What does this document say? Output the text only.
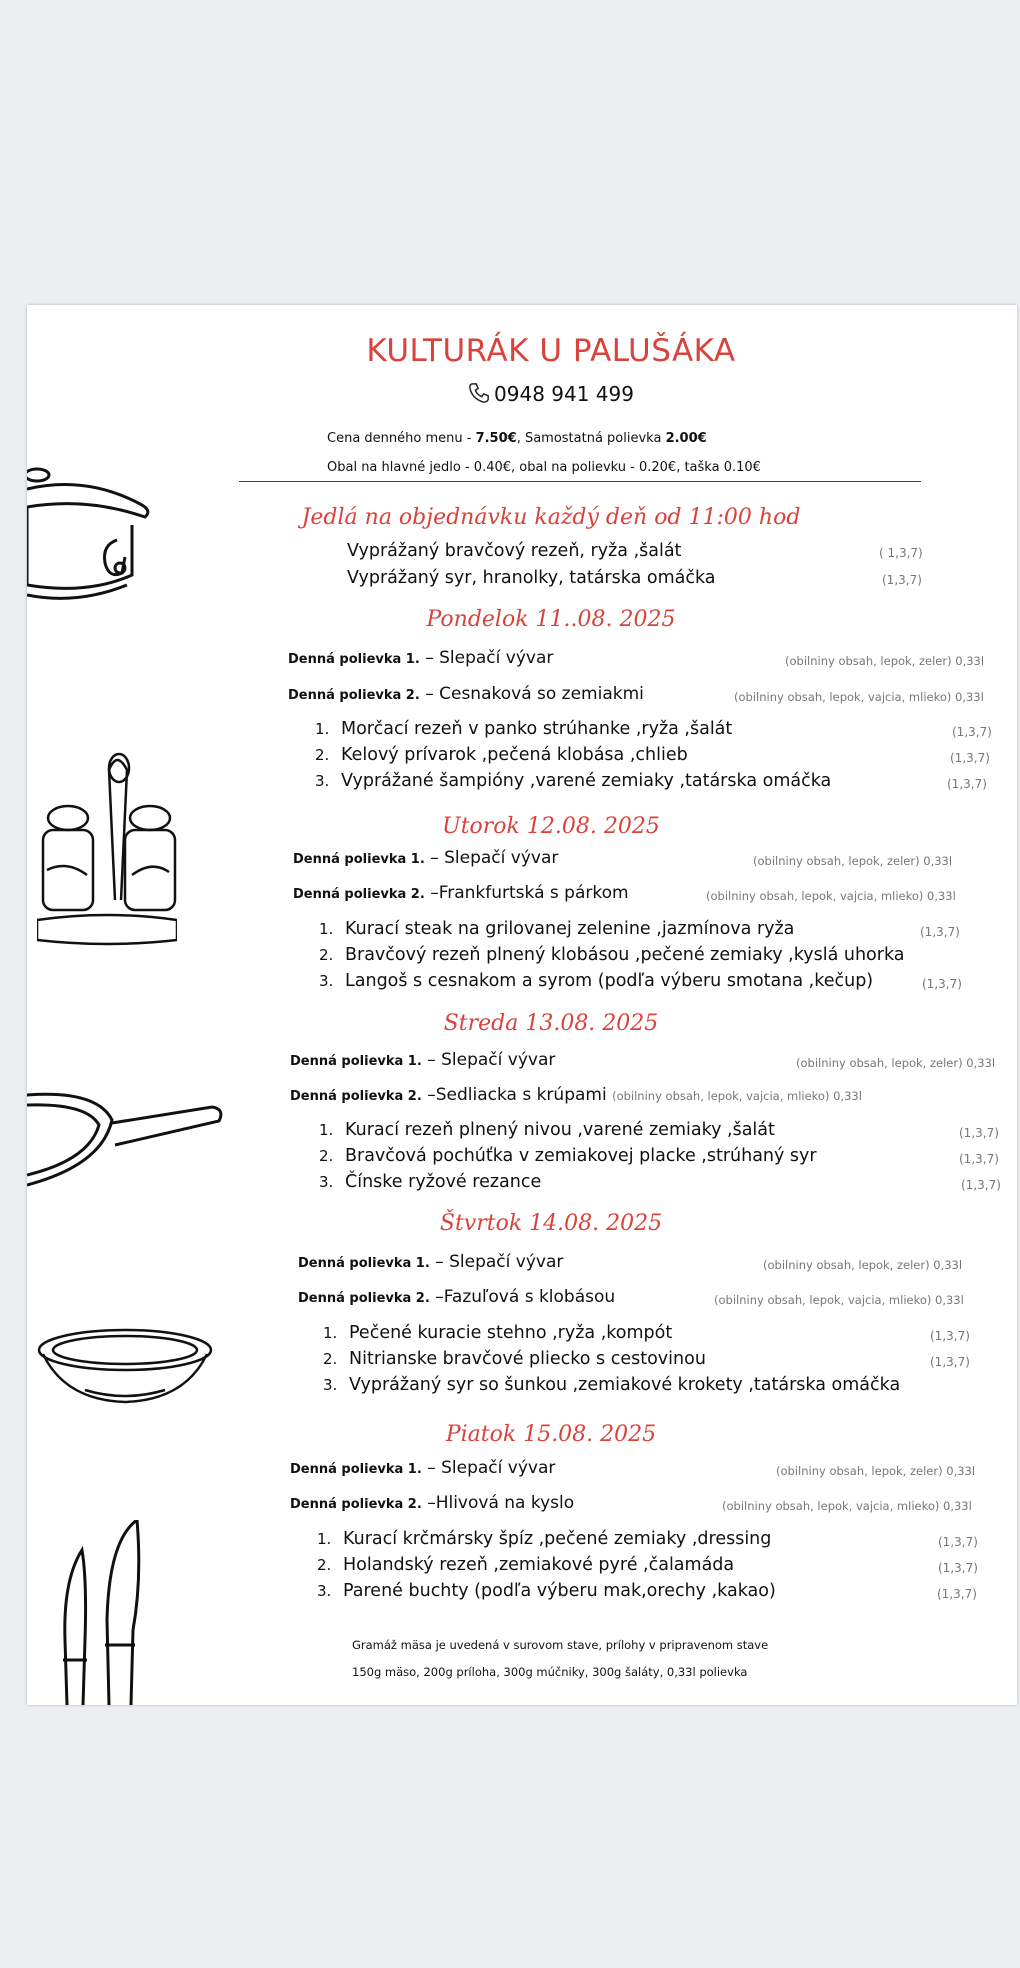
KULTURÁK U PALUŠÁKA
0948 941 499
Cena denného menu - 7.50€, Samostatná polievka 2.00€
Obal na hlavné jedlo - 0.40€, obal na polievku - 0.20€, taška 0.10€
Jedlá na objednávku každý deň od 11:00 hod
Vyprážaný bravčový rezeň, ryža ,šalát	( 1,3,7)
Vyprážaný syr, hranolky, tatárska omáčka	(1,3,7)
Pondelok 11..08. 2025
Denná polievka 1. – Slepačí vývar	(obilniny obsah, lepok, zeler) 0,33l
Denná polievka 2. – Cesnaková so zemiakmi	(obilniny obsah, lepok, vajcia, mlieko) 0,33l
1. Morčací rezeň v panko strúhanke ,ryža ,šalát	(1,3,7)
2. Kelový prívarok ,pečená klobása ,chlieb	(1,3,7)
3. Vyprážané šampióny ,varené zemiaky ,tatárska omáčka	(1,3,7)
Utorok 12.08. 2025
Denná polievka 1. – Slepačí vývar	(obilniny obsah, lepok, zeler) 0,33l
Denná polievka 2. –Frankfurtská s párkom	(obilniny obsah, lepok, vajcia, mlieko) 0,33l
1. Kurací steak na grilovanej zelenine ,jazmínova ryža	(1,3,7)
2. Bravčový rezeň plnený klobásou ,pečené zemiaky ,kyslá uhorka
3. Langoš s cesnakom a syrom (podľa výberu smotana ,kečup)	(1,3,7)
Streda 13.08. 2025
Denná polievka 1. – Slepačí vývar	(obilniny obsah, lepok, zeler) 0,33l
Denná polievka 2. –Sedliacka s krúpami (obilniny obsah, lepok, vajcia, mlieko) 0,33l
1. Kurací rezeň plnený nivou ,varené zemiaky ,šalát	(1,3,7)
2. Bravčová pochúťka v zemiakovej placke ,strúhaný syr	(1,3,7)
3. Čínske ryžové rezance	(1,3,7)
Štvrtok 14.08. 2025
Denná polievka 1. – Slepačí vývar	(obilniny obsah, lepok, zeler) 0,33l
Denná polievka 2. –Fazuľová s klobásou	(obilniny obsah, lepok, vajcia, mlieko) 0,33l
1. Pečené kuracie stehno ,ryža ,kompót	(1,3,7)
2. Nitrianske bravčové pliecko s cestovinou	(1,3,7)
3. Vyprážaný syr so šunkou ,zemiakové krokety ,tatárska omáčka
Piatok 15.08. 2025
Denná polievka 1. – Slepačí vývar	(obilniny obsah, lepok, zeler) 0,33l
Denná polievka 2. –Hlivová na kyslo	(obilniny obsah, lepok, vajcia, mlieko) 0,33l
1. Kurací krčmársky špíz ,pečené zemiaky ,dressing	(1,3,7)
2. Holandský rezeň ,zemiakové pyré ,čalamáda	(1,3,7)
3. Parené buchty (podľa výberu mak,orechy ,kakao)	(1,3,7)
Gramáž mäsa je uvedená v surovom stave, prílohy v pripravenom stave
150g mäso, 200g príloha, 300g múčniky, 300g šaláty, 0,33l polievka
